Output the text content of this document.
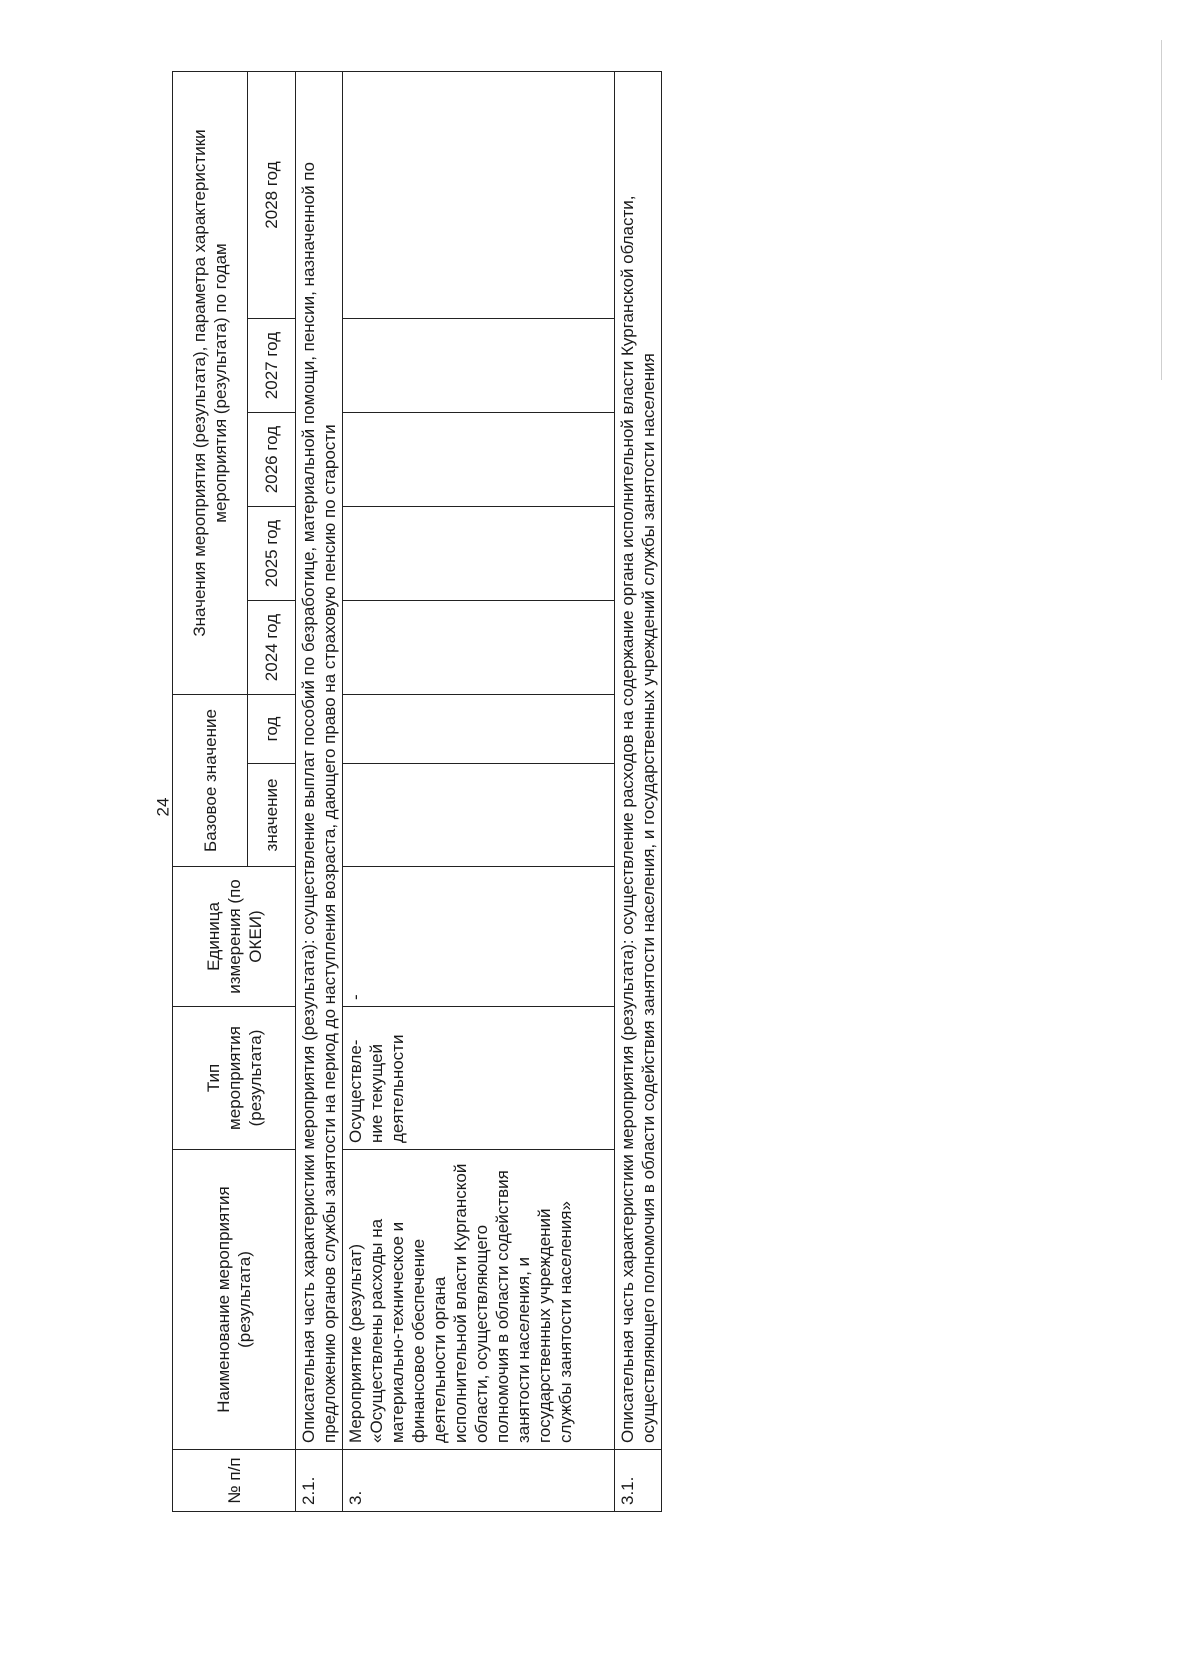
24
№ п/п	Наименование мероприятия (результата)	Тип мероприятия (результата)	Единица измерения (по ОКЕИ)	Базовое значение		Значения мероприятия (результата), параметра характеристики мероприятия (результата) по годам				

				значение	год	2024 год	2025 год	2026 год	2027 год	2028 год
2.1.	Описательная часть характеристики мероприятия (результата): осуществление выплат пособий по безработице, материальной помощи, пенсии, назначенной по предложению органов службы занятости на период до наступления возраста, дающего право на страховую пенсию по старости									
3.	Мероприятие (результат) «Осуществлены расходы на материально-техническое и финансовое обеспечение деятельности органа исполнительной власти Курганской области, осуществляющего полномочия в области содействия занятости населения, и государственных учреждений службы занятости населения»	Осуществле-ние текущей деятельности	-							
3.1.	Описательная часть характеристики мероприятия (результата): осуществление расходов на содержание органа исполнительной власти Курганской области, осуществляющего полномочия в области содействия занятости населения, и государственных учреждений службы занятости населения									
